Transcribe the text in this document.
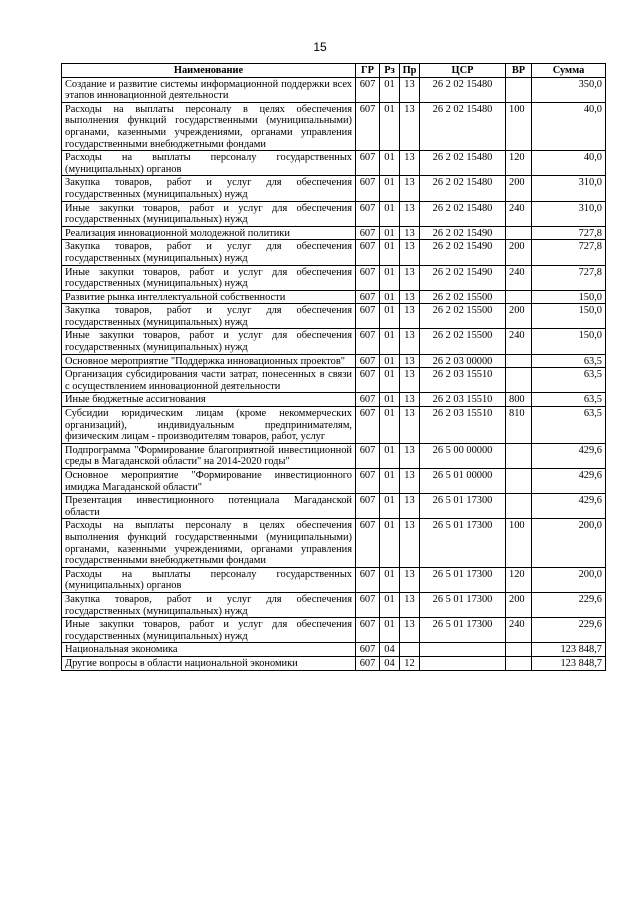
15
Наименование	ГР	Рз	Пр	ЦСР	ВР	Сумма
Создание и развитие системы информационной поддержки всех этапов инновационной деятельности	607	01	13	26 2 02 15480		350,0
Расходы на выплаты персоналу в целях обеспечения выполнения функций государственными (муниципальными) органами, казенными учреждениями, органами управления государственными внебюджетными фондами	607	01	13	26 2 02 15480	100	40,0
Расходы на выплаты персоналу государственных (муниципальных) органов	607	01	13	26 2 02 15480	120	40,0
Закупка товаров, работ и услуг для обеспечения государственных (муниципальных) нужд	607	01	13	26 2 02 15480	200	310,0
Иные закупки товаров, работ и услуг для обеспечения государственных (муниципальных) нужд	607	01	13	26 2 02 15480	240	310,0
Реализация инновационной молодежной политики	607	01	13	26 2 02 15490		727,8
Закупка товаров, работ и услуг для обеспечения государственных (муниципальных) нужд	607	01	13	26 2 02 15490	200	727,8
Иные закупки товаров, работ и услуг для обеспечения государственных (муниципальных) нужд	607	01	13	26 2 02 15490	240	727,8
Развитие рынка интеллектуальной собственности	607	01	13	26 2 02 15500		150,0
Закупка товаров, работ и услуг для обеспечения государственных (муниципальных) нужд	607	01	13	26 2 02 15500	200	150,0
Иные закупки товаров, работ и услуг для обеспечения государственных (муниципальных) нужд	607	01	13	26 2 02 15500	240	150,0
Основное мероприятие "Поддержка инновационных проектов"	607	01	13	26 2 03 00000		63,5
Организация субсидирования части затрат, понесенных в связи с осуществлением инновационной деятельности	607	01	13	26 2 03 15510		63,5
Иные бюджетные ассигнования	607	01	13	26 2 03 15510	800	63,5
Субсидии юридическим лицам (кроме некоммерческих организаций), индивидуальным предпринимателям, физическим лицам - производителям товаров, работ, услуг	607	01	13	26 2 03 15510	810	63,5
Подпрограмма "Формирование благоприятной инвестиционной среды в Магаданской области" на 2014-2020 годы"	607	01	13	26 5 00 00000		429,6
Основное мероприятие "Формирование инвестиционного имиджа Магаданской области"	607	01	13	26 5 01 00000		429,6
Презентация инвестиционного потенциала Магаданской области	607	01	13	26 5 01 17300		429,6
Расходы на выплаты персоналу в целях обеспечения выполнения функций государственными (муниципальными) органами, казенными учреждениями, органами управления государственными внебюджетными фондами	607	01	13	26 5 01 17300	100	200,0
Расходы на выплаты персоналу государственных (муниципальных) органов	607	01	13	26 5 01 17300	120	200,0
Закупка товаров, работ и услуг для обеспечения государственных (муниципальных) нужд	607	01	13	26 5 01 17300	200	229,6
Иные закупки товаров, работ и услуг для обеспечения государственных (муниципальных) нужд	607	01	13	26 5 01 17300	240	229,6
Национальная экономика	607	04				123 848,7
Другие вопросы в области национальной экономики	607	04	12			123 848,7
